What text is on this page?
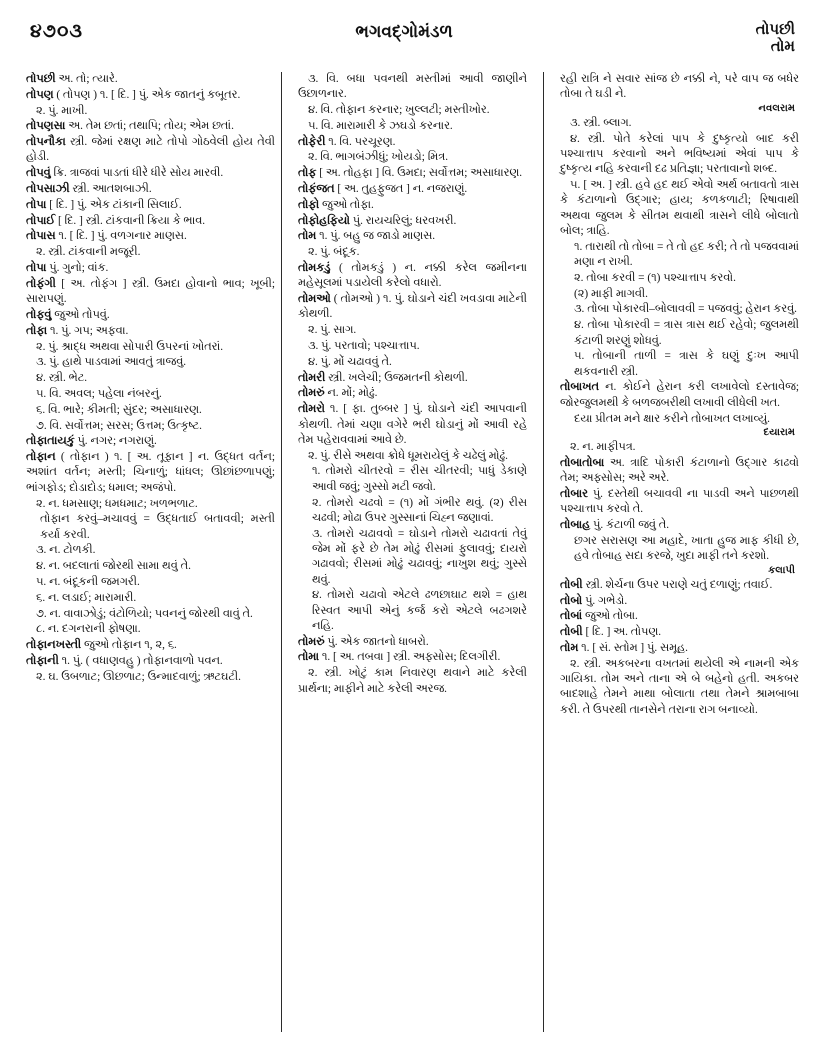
૪૭૦૩	ભગવદ્ગોમંડળ	તોપછી
તોમ

તોપછી અ. તો; ત્યારે.

તોપણ ( તોપણ ) ૧. [ દિ. ] પું. એક જાતનું કબૂતર.

૨. પું. માખી.

તોપણસા અ. તેમ છતાં; તથાપિ; તોય; એમ છતાં.

તોપનૌકા સ્ત્રી. જેમાં રક્ષણ માટે તોપો ગોઠવેલી હોય તેવી હોડી.

તોપવું ક્રિ. ત્રાજવાં પાડતાં ધીરે ધીરે સોય મારવી.

તોપસાઝી સ્ત્રી. આતશબાઝી.

તોપા [ દિ. ] પું. એક ટાંકાની સિલાઈ.

તોપાઈ [ દિ. ] સ્ત્રી. ટાંકવાની ક્રિયા કે ભાવ.

તોપાસ ૧. [ દિ. ] પું. વળગનાર માણસ.

૨. સ્ત્રી. ટાંકવાની મજૂરી.

તોપા પું. ગુનો; વાંક.

તોફંગી [ અ. તોફંગ ] સ્ત્રી. ઉમદા હોવાનો ભાવ; ખૂબી; સારાપણું.

તોફવું જુઓ તોપવું.

તોફા ૧. પું. ગપ; અફવા.

૨. પું. શ્રાદ્ધ અથવા સોપારી ઉપરનાં ખોતરાં.

૩. પું. હાથે પાડવામાં આવતું ત્રાજવું.

૪. સ્ત્રી. ભેટ.

૫. વિ. અવલ; પહેલા નંબરનું.

૬. વિ. ભારે; કીમતી; સુંદર; અસાધારણ.

૭. વિ. સર્વોત્તમ; સરસ; ઉત્તમ; ઉત્કૃષ્ટ.

તોફાતાયકું પું. નગર; નગરાણું.

તોફાન ( તોફાન ) ૧. [ અ. તૂફાન ] ન. ઉદ્ધત વર્તન; અશાંત વર્તન; મસ્તી; ચિનાળું; ધાંધલ; ઊછાંછળાપણું; ભાંગફોડ; દોડાદોડ; ધમાલ; અજંપો.

૨. ન. ધમસાણ; ધમધમાટ; ખળભળાટ.

તોફાન કરવું–મચાવવું = ઉદ્ધતાઈ બતાવવી; મસ્તી કર્યા કરવી.

૩. ન. ટોળકી.

૪. ન. બદલાતાં જોરથી સામા થવું તે.

૫. ન. બંદૂકની જમગરી.

૬. ન. લડાઈ; મારામારી.

૭. ન. વાવાઝોડું; વંટોળિયો; પવનનું જોરથી વાવું તે.

૮. ન. દગનરાની ફોષણા.

તોફાનખસ્તી જુઓ તોફાન ૧, ૨, ૬.

તોફાની ૧. પું. ( વધાણવહુ ) તોફાનવાળો પવન.

૨. ઘ. ઉબળાટ; ઊછળાટ; ઉન્માદવાળું; ઋટઘટી.

૩. વિ. બધા પવનથી મસ્તીમાં આવી જાણીને ઉછાળનાર.

૪. વિ. તોફાન કરનાર; ખુલ્લટી; મસ્તીખોર.

૫. વિ. મારામારી કે ઝઘડો કરનાર.

તોફેરી ૧. વિ. પરચૂરણ.

૨. વિ. ભાગબંઝીધું; ખોયડો; મિત્ર.

તોફ [ અ. તોહફા ] વિ. ઉમદા; સર્વોત્તમ; અસાધારણ.

તોફંજત [ અ. તુહફુજત ] ન. નજરાણું.

તોફો જુઓ તોફા.

તોફોહફિયો પું. રાયચરિલું; ધરવખરી.

તોમ ૧. પું. બહુ જ જાડો માણસ.

૨. પું. બંદૂક.

તોમકડું ( તોમકડું ) ન. નક્કી કરેલ જમીનના મહેસૂલમાં પડાયેલી કરેલો વધારો.

તોમઓ ( તોમઓ ) ૧. પું. ઘોડાને ચંદી ખવડાવા માટેની કોથળી.

૨. પું. સાગ.

૩. પું. પરતાવો; પશ્ચાત્તાપ.

૪. પું. મોં ચઢાવવું તે.

તોમરી સ્ત્રી. ખલેચી; ઉજમતની કોથળી.

તોમરું ન. મોં; મોઢું.

તોમરો ૧. [ ફા. તુબ્બર ] પું. ઘોડાને ચંદી આપવાની કોથળી. તેમાં ચણા વગેરે ભરી ઘોડાનું મોં આવી રહે તેમ પહેરાવવામાં આવે છે.

૨. પું. રીસે અથવા ક્રોધે ધૂમરાયેલું કે ચઢેલું મોઢું.

૧. તોમરો ચીતરવો = રીસ ચીતરવી; પાધું ડેકાણે આવી જવું; ગુસ્સો મટી જવો.

૨. તોમરો ચઢવો = (૧) મોં ગંભીર થવું. (૨) રીસ ચઢવી; મોઢા ઉપર ગુસ્સાનાં ચિહ્ન જણાવાં.

૩. તોમરો ચઢાવવો = ઘોડાને તોમરો ચઢાવતાં તેવું જેમ મોં ફરે છે તેમ મોઢું રીસમાં ફુલાવવું; દાયરો ગઢાવવો; રીસમાં મોઢું ચઢાવવું; નાખુશ થવું; ગુસ્સે થવું.

૪. તોમરો ચઢાવો એટલે ઢળછાઘાટ થશે = હાથ રિસ્વત આપી એનું કર્જ કરો એટલે બઢગશરે નહિ.

તોમરું પું. એક જાતનો ધાબરો.

તોમા ૧. [ અ. તબવા ] સ્ત્રી. અફ્સોસ; દિલગીરી.

૨. સ્ત્રી. ખોટું કામ નિવારણ થવાને માટે કરેલી પ્રાર્થના; માફીને માટે કરેલી અરજ.

રહી રાત્રિ ને સવાર સાંજ છે નક્કી ને, પરે વાપ જ બધેર તોબા તે ઘડી ને.

નવલરામ

૩. સ્ત્રી. બ્લાગ.

૪. સ્ત્રી. પોતે કરેલાં પાપ કે દુષ્કૃત્યો બાદ કરી પશ્ચાત્તાપ કરવાનો અને ભવિષ્યમાં એવાં પાપ કે દુષ્કૃત્ય નહિ કરવાની દઢ પ્રતિજ્ઞા; પરતાવાનો શબ્દ.

૫. [ અ. ] સ્ત્રી. હવે હદ થઈ એવો અર્થ બતાવતો ત્રાસ કે કંટાળાનો ઉદ્ગાર; હાય; કળકળાટી; રિષાવાથી અથવા જુલમ કે સીતમ થવાથી ત્રાસને લીધે બોલાતો બોલ; ત્રાહિ.

૧. તારાથી તો તોબા = તે તો હદ કરી; તે તો પજવવામાં મણા ન રાખી.

૨. તોબા કરવી = (૧) પશ્ચાત્તાપ કરવો.

(૨) માફી માગવી.

૩. તોબા પોકારવી–બોલાવવી = પજવવું; હેરાન કરવું.

૪. તોબા પોકારવી = ત્રાસ ત્રાસ થઈ રહેવો; જુલમથી કંટાળી શરણું શોધવું.

૫. તોબાની તાળી = ત્રાસ કે ઘણું દુઃખ આપી થકવનારી સ્ત્રી.

તોબાખત ન. કોઈને હેરાન કરી લખાવેલો દસ્તાવેજ; જોરજુલમથી કે બળજબરીથી લખાવી લીધેલી ખત.

દયા પ્રીતમ મને ક્ષાર કરીને તોબાખત લખાવ્યું.

દયારામ

૨. ન. માફીપત્ર.

તોબાતોબા અ. ત્રાદિ પોકારી કંટાળાનો ઉદ્ગાર કાઢવો તેમ; અફ્સોસ; અરે અરે.

તોબાર પું. દસ્તેથી બચાવવી ના પાડવી અને પાછળથી પશ્ચાત્તાપ કરવો તે.

તોબાહ પું. કંટાળી જવું તે.

છગર સરાસણ આ મહાદે, ખાતા હુજ માફ કીધી છે, હવે તોબાહ સદા કરજે, ખુદા માફી તને કરશો.

કલાપી

તોબી સ્ત્રી. શેર્ચના ઉપર પરાણે ચતું દળાણું; તવાઈ.

તોબો પું. ગભેડો.

તોબાં જુઓ તોબા.

તોબી [ દિ. ] અ. તોપણ.

તોમ ૧. [ સં. સ્તોમ ] પું. સમૂહ.

૨. સ્ત્રી. અકબરના વખતમાં થયેલી એ નામની એક ગાયિકા. તોમ અને તાના એ બે બહેનો હતી. અકબર બાદશાહે તેમને માથા બોલાતા તથા તેમને શ્રામબાબા કરી. તે ઉપરથી તાનસેને તરાના રાગ બનાવ્યો.
